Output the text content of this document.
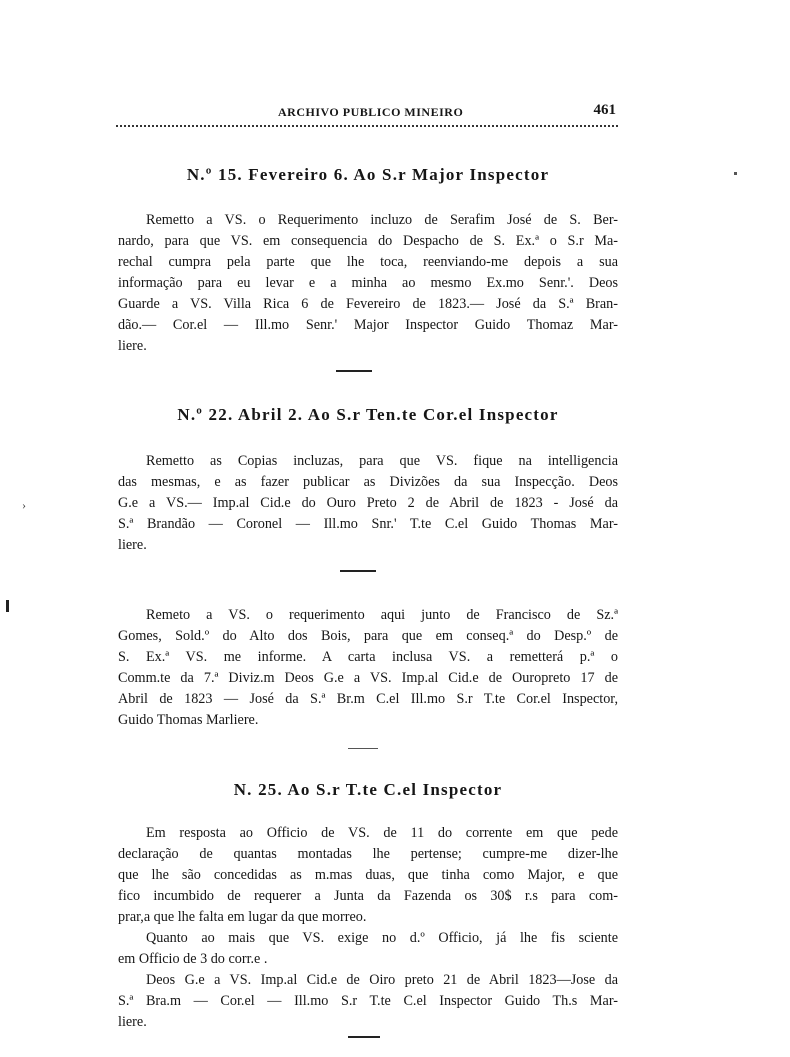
ARCHIVO PUBLICO MINEIRO	461
N.º 15. Fevereiro 6. Ao S.r Major Inspector
Remetto a VS. o Requerimento incluzo de Serafim José de S. Ber-
nardo, para que VS. em consequencia do Despacho de S. Ex.ª o S.r Ma-
rechal cumpra pela parte que lhe toca, reenviando-me depois a sua
informação para eu levar e a minha ao mesmo Ex.mo Senr.'. Deos
Guarde a VS. Villa Rica 6 de Fevereiro de 1823.— José da S.ª Bran-
dão.— Cor.el — Ill.mo Senr.' Major Inspector Guido Thomaz Mar-
liere.
N.º 22. Abril 2. Ao S.r Ten.te Cor.el Inspector
Remetto as Copias incluzas, para que VS. fique na intelligencia
das mesmas, e as fazer publicar as Divizões da sua Inspecção. Deos
G.e a VS.— Imp.al Cid.e do Ouro Preto 2 de Abril de 1823 - José da
S.ª Brandão — Coronel — Ill.mo Snr.' T.te C.el Guido Thomas Mar-
liere.
Remeto a VS. o requerimento aqui junto de Francisco de Sz.ª
Gomes, Sold.º do Alto dos Bois, para que em conseq.ª do Desp.º de
S. Ex.ª VS. me informe. A carta inclusa VS. a remetterá p.ª o
Comm.te da 7.ª Diviz.m Deos G.e a VS. Imp.al Cid.e de Ouropreto 17 de
Abril de 1823 — José da S.ª Br.m C.el Ill.mo S.r T.te Cor.el Inspector,
Guido Thomas Marliere.
N. 25. Ao S.r T.te C.el Inspector
Em resposta ao Officio de VS. de 11 do corrente em que pede
declaração de quantas montadas lhe pertense; cumpre-me dizer-lhe
que lhe são concedidas as m.mas duas, que tinha como Major, e que
fico incumbido de requerer a Junta da Fazenda os 30$ r.s para com-
prar,a que lhe falta em lugar da que morreo.
Quanto ao mais que VS. exige no d.º Officio, já lhe fis sciente
em Officio de 3 do corr.e .
Deos G.e a VS. Imp.al Cid.e de Oiro preto 21 de Abril 1823—Jose da
S.ª Bra.m — Cor.el — Ill.mo S.r T.te C.el Inspector Guido Th.s Mar-
liere.
›
